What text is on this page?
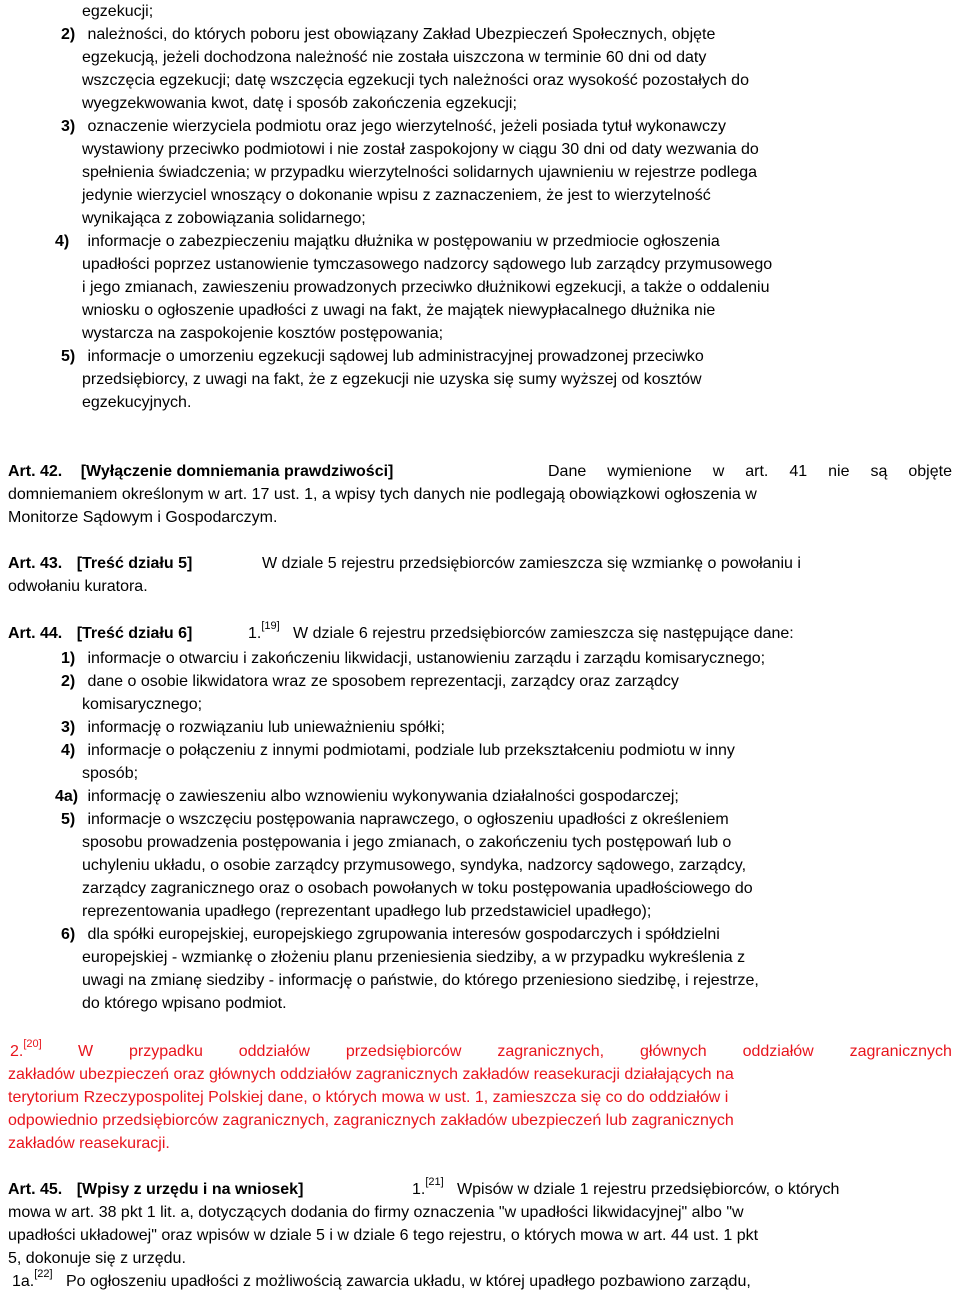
egzekucji;
2) należności, do których poboru jest obowiązany Zakład Ubezpieczeń Społecznych, objęte
egzekucją, jeżeli dochodzona należność nie została uiszczona w terminie 60 dni od daty
wszczęcia egzekucji; datę wszczęcia egzekucji tych należności oraz wysokość pozostałych do
wyegzekwowania kwot, datę i sposób zakończenia egzekucji;
3) oznaczenie wierzyciela podmiotu oraz jego wierzytelność, jeżeli posiada tytuł wykonawczy
wystawiony przeciwko podmiotowi i nie został zaspokojony w ciągu 30 dni od daty wezwania do
spełnienia świadczenia; w przypadku wierzytelności solidarnych ujawnieniu w rejestrze podlega
jedynie wierzyciel wnoszący o dokonanie wpisu z zaznaczeniem, że jest to wierzytelność
wynikająca z zobowiązania solidarnego;
4) informacje o zabezpieczeniu majątku dłużnika w postępowaniu w przedmiocie ogłoszenia
upadłości poprzez ustanowienie tymczasowego nadzorcy sądowego lub zarządcy przymusowego
i jego zmianach, zawieszeniu prowadzonych przeciwko dłużnikowi egzekucji, a także o oddaleniu
wniosku o ogłoszenie upadłości z uwagi na fakt, że majątek niewypłacalnego dłużnika nie
wystarcza na zaspokojenie kosztów postępowania;
5) informacje o umorzeniu egzekucji sądowej lub administracyjnej prowadzonej przeciwko
przedsiębiorcy, z uwagi na fakt, że z egzekucji nie uzyska się sumy wyższej od kosztów
egzekucyjnych.
Art. 42. [Wyłączenie domniemania prawdziwości]	Dane wymienione w art. 41 nie są objęte
domniemaniem określonym w art. 17 ust. 1, a wpisy tych danych nie podlegają obowiązkowi ogłoszenia w
Monitorze Sądowym i Gospodarczym.
Art. 43. [Treść działu 5]	W dziale 5 rejestru przedsiębiorców zamieszcza się wzmiankę o powołaniu i
odwołaniu kuratora.
Art. 44. [Treść działu 6]	1.[19] W dziale 6 rejestru przedsiębiorców zamieszcza się następujące dane:
1) informacje o otwarciu i zakończeniu likwidacji, ustanowieniu zarządu i zarządu komisarycznego;
2) dane o osobie likwidatora wraz ze sposobem reprezentacji, zarządcy oraz zarządcy
komisarycznego;
3) informację o rozwiązaniu lub unieważnieniu spółki;
4) informacje o połączeniu z innymi podmiotami, podziale lub przekształceniu podmiotu w inny
sposób;
4a) informację o zawieszeniu albo wznowieniu wykonywania działalności gospodarczej;
5) informacje o wszczęciu postępowania naprawczego, o ogłoszeniu upadłości z określeniem
sposobu prowadzenia postępowania i jego zmianach, o zakończeniu tych postępowań lub o
uchyleniu układu, o osobie zarządcy przymusowego, syndyka, nadzorcy sądowego, zarządcy,
zarządcy zagranicznego oraz o osobach powołanych w toku postępowania upadłościowego do
reprezentowania upadłego (reprezentant upadłego lub przedstawiciel upadłego);
6) dla spółki europejskiej, europejskiego zgrupowania interesów gospodarczych i spółdzielni
europejskiej - wzmiankę o złożeniu planu przeniesienia siedziby, a w przypadku wykreślenia z
uwagi na zmianę siedziby - informację o państwie, do którego przeniesiono siedzibę, i rejestrze,
do którego wpisano podmiot.
2.[20] W przypadku oddziałów przedsiębiorców zagranicznych, głównych oddziałów zagranicznych
zakładów ubezpieczeń oraz głównych oddziałów zagranicznych zakładów reasekuracji działających na
terytorium Rzeczypospolitej Polskiej dane, o których mowa w ust. 1, zamieszcza się co do oddziałów i
odpowiednio przedsiębiorców zagranicznych, zagranicznych zakładów ubezpieczeń lub zagranicznych
zakładów reasekuracji.
Art. 45. [Wpisy z urzędu i na wniosek]	1.[21] Wpisów w dziale 1 rejestru przedsiębiorców, o których
mowa w art. 38 pkt 1 lit. a, dotyczących dodania do firmy oznaczenia "w upadłości likwidacyjnej" albo "w
upadłości układowej" oraz wpisów w dziale 5 i w dziale 6 tego rejestru, o których mowa w art. 44 ust. 1 pkt
5, dokonuje się z urzędu.
1a.[22] Po ogłoszeniu upadłości z możliwością zawarcia układu, w której upadłego pozbawiono zarządu,
